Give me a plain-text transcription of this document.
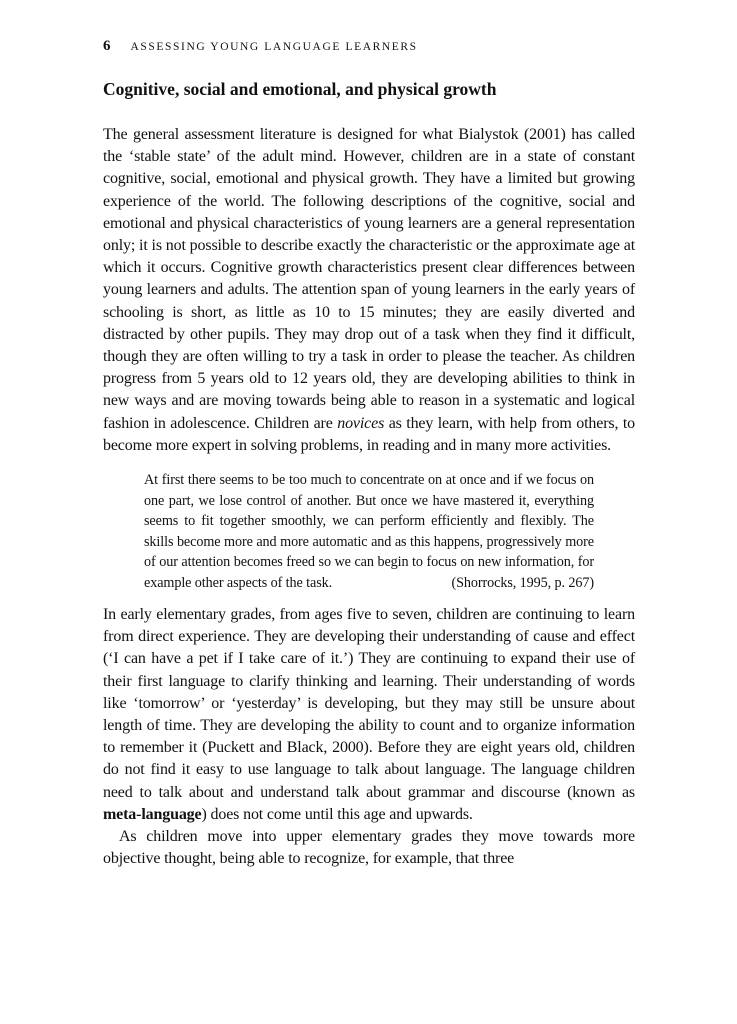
6 ASSESSING YOUNG LANGUAGE LEARNERS
Cognitive, social and emotional, and physical growth

The general assessment literature is designed for what Bialystok (2001) has called the ‘stable state’ of the adult mind. However, children are in a state of constant cognitive, social, emotional and physical growth. They have a limited but growing experience of the world. The following descriptions of the cognitive, social and emotional and physical characteristics of young learners are a general representation only; it is not possible to describe exactly the characteristic or the approximate age at which it occurs. Cognitive growth characteristics present clear differences between young learners and adults. The attention span of young learners in the early years of schooling is short, as little as 10 to 15 minutes; they are easily diverted and distracted by other pupils. They may drop out of a task when they find it difficult, though they are often willing to try a task in order to please the teacher. As children progress from 5 years old to 12 years old, they are developing abilities to think in new ways and are moving towards being able to reason in a systematic and logical fashion in adolescence. Children are novices as they learn, with help from others, to become more expert in solving problems, in reading and in many more activities.

At first there seems to be too much to concentrate on at once and if we focus on one part, we lose control of another. But once we have mastered it, everything seems to fit together smoothly, we can perform efficiently and flexibly. The skills become more and more automatic and as this happens, progressively more of our attention becomes freed so we can begin to focus on new information, for example other aspects of the task.	(Shorrocks, 1995, p. 267)

In early elementary grades, from ages five to seven, children are continuing to learn from direct experience. They are developing their understanding of cause and effect (‘I can have a pet if I take care of it.’) They are continuing to expand their use of their first language to clarify thinking and learning. Their understanding of words like ‘tomorrow’ or ‘yesterday’ is developing, but they may still be unsure about length of time. They are developing the ability to count and to organize information to remember it (Puckett and Black, 2000). Before they are eight years old, children do not find it easy to use language to talk about language. The language children need to talk about and understand talk about grammar and discourse (known as meta-language) does not come until this age and upwards.

As children move into upper elementary grades they move towards more objective thought, being able to recognize, for example, that three
